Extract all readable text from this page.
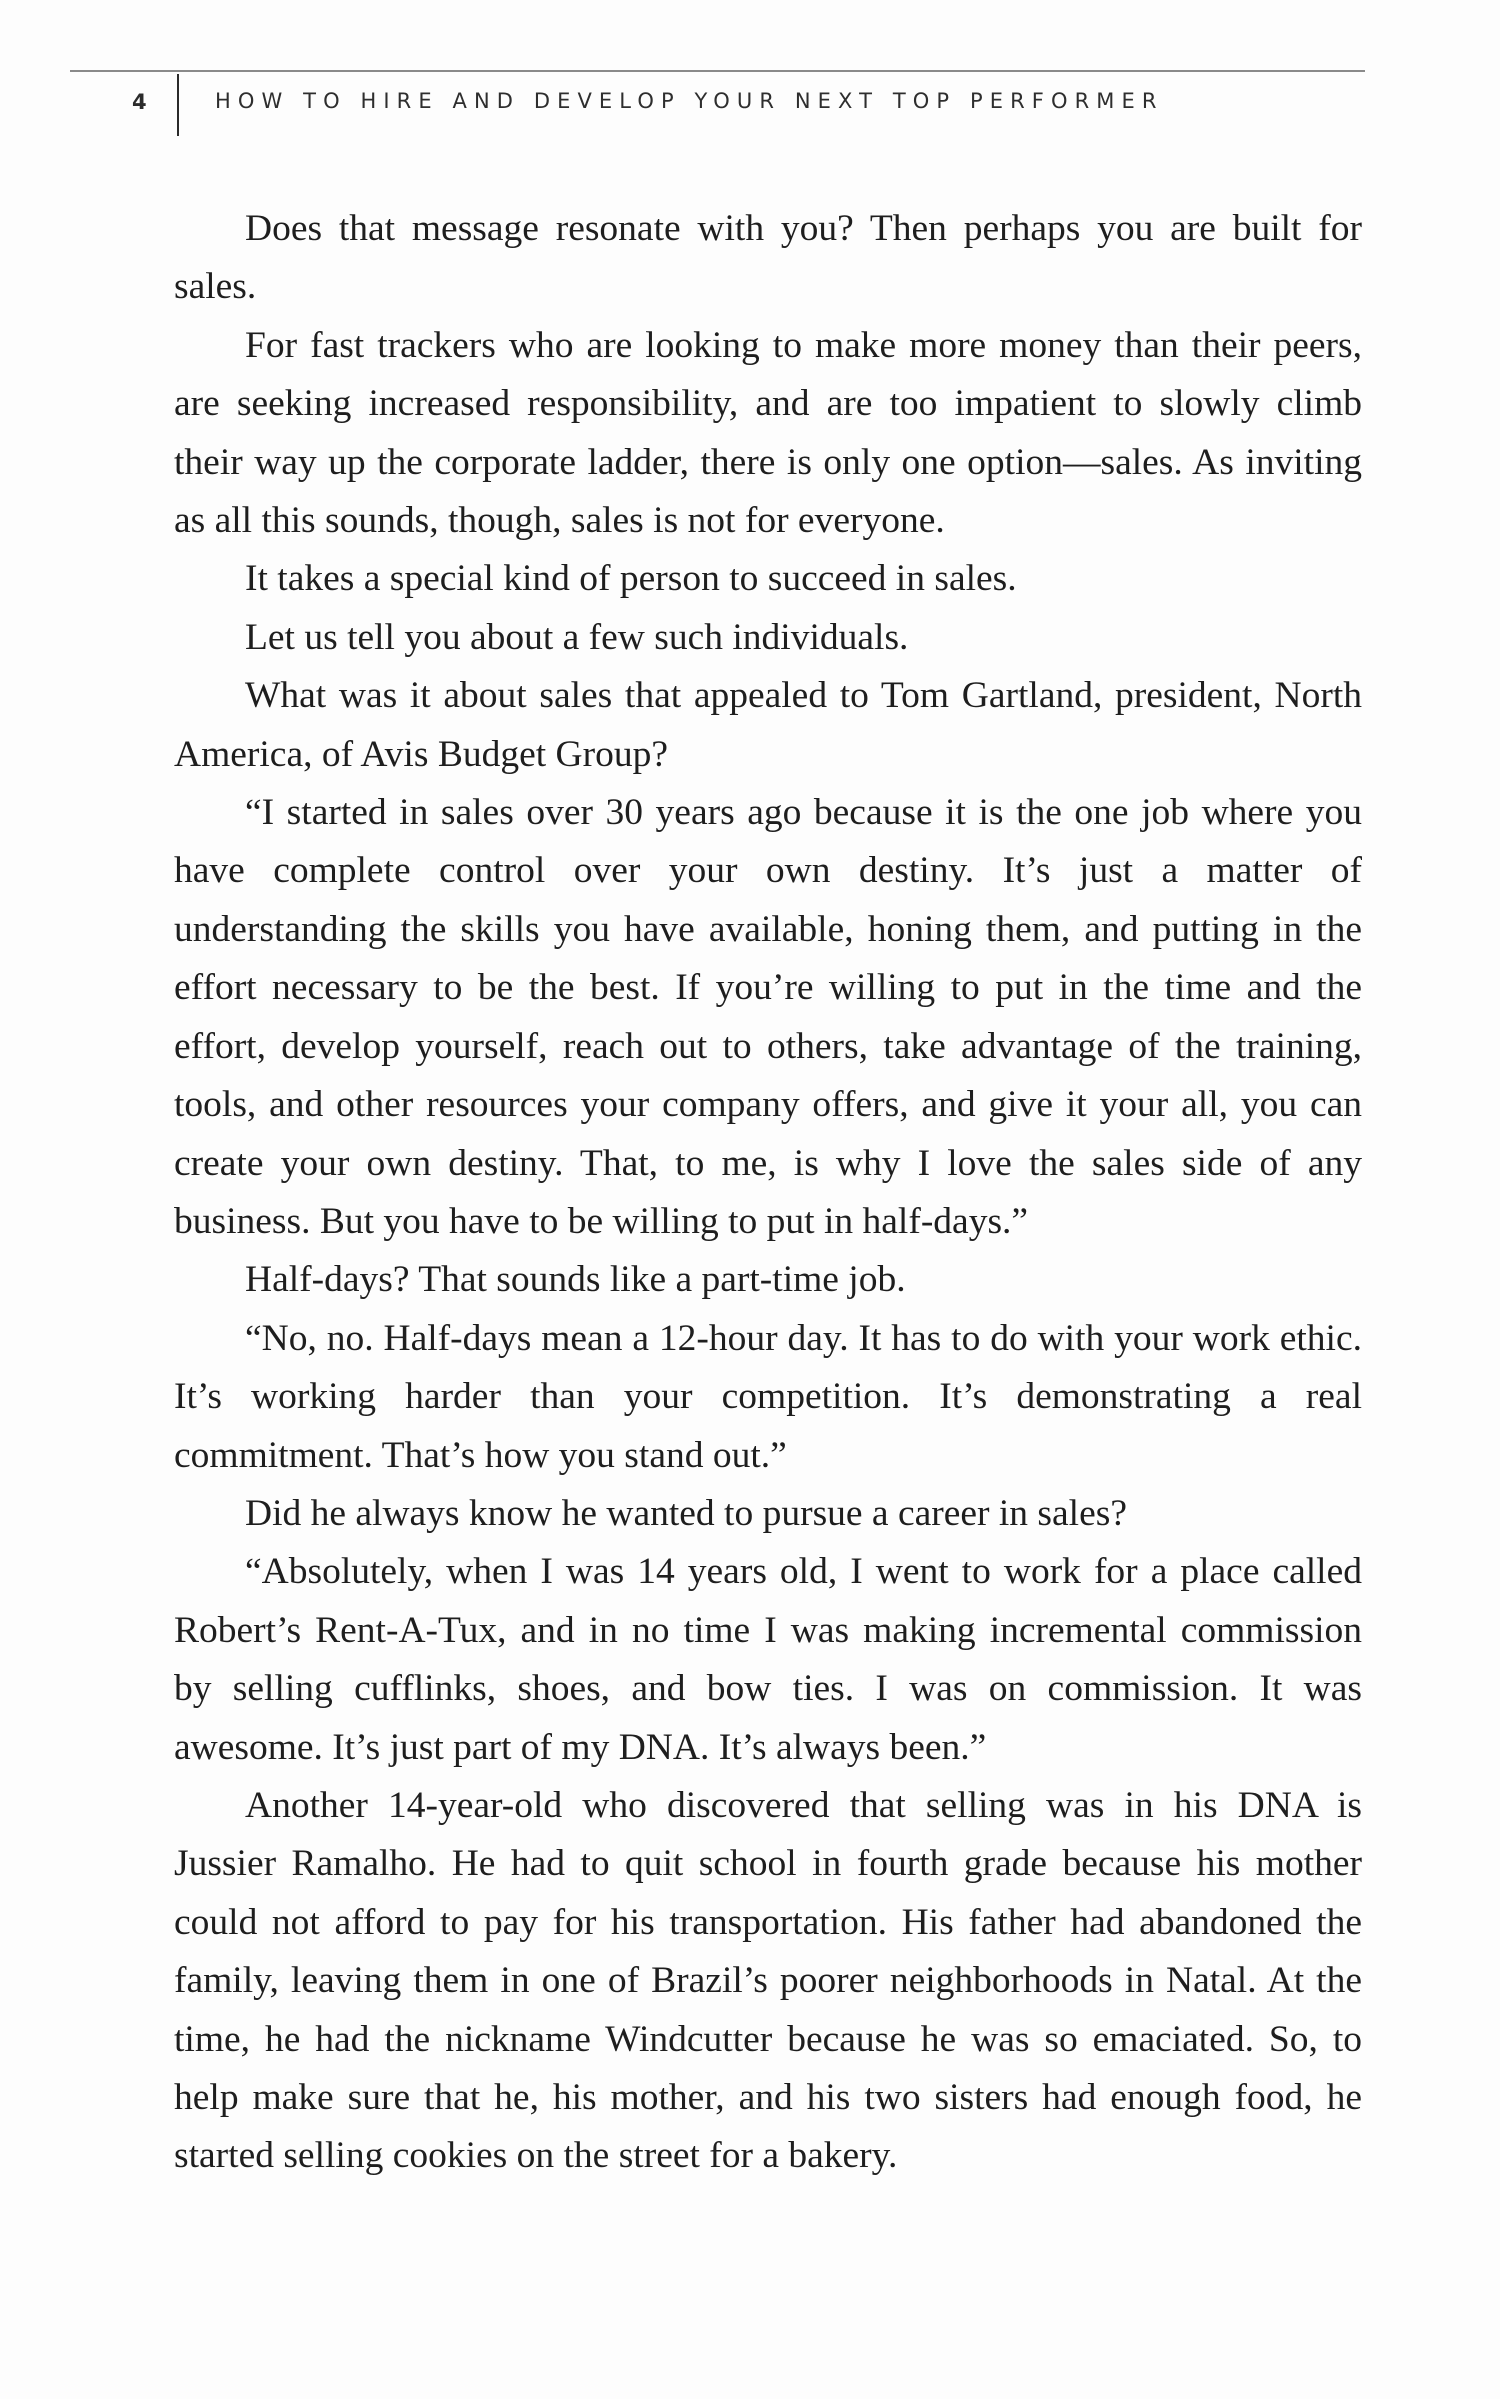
4	HOW TO HIRE AND DEVELOP YOUR NEXT TOP PERFORMER

Does that message resonate with you? Then perhaps you are built for sales.

For fast trackers who are looking to make more money than their peers, are seeking increased responsibility, and are too impatient to slowly climb their way up the corporate ladder, there is only one option—sales. As inviting as all this sounds, though, sales is not for everyone.

It takes a special kind of person to succeed in sales.

Let us tell you about a few such individuals.

What was it about sales that appealed to Tom Gartland, president, North America, of Avis Budget Group?

“I started in sales over 30 years ago because it is the one job where you have complete control over your own destiny. It’s just a matter of understanding the skills you have available, honing them, and putting in the effort necessary to be the best. If you’re willing to put in the time and the effort, develop yourself, reach out to others, take advantage of the training, tools, and other resources your company offers, and give it your all, you can create your own destiny. That, to me, is why I love the sales side of any business. But you have to be willing to put in half-days.”

Half-days? That sounds like a part-time job.

“No, no. Half-days mean a 12-hour day. It has to do with your work ethic. It’s working harder than your competition. It’s demonstrating a real commitment. That’s how you stand out.”

Did he always know he wanted to pursue a career in sales?

“Absolutely, when I was 14 years old, I went to work for a place called Robert’s Rent-A-Tux, and in no time I was making incremental commission by selling cufflinks, shoes, and bow ties. I was on commission. It was awesome. It’s just part of my DNA. It’s always been.”

Another 14-year-old who discovered that selling was in his DNA is Jussier Ramalho. He had to quit school in fourth grade because his mother could not afford to pay for his transportation. His father had abandoned the family, leaving them in one of Brazil’s poorer neighborhoods in Natal. At the time, he had the nickname Windcutter because he was so emaciated. So, to help make sure that he, his mother, and his two sisters had enough food, he started selling cookies on the street for a bakery.
